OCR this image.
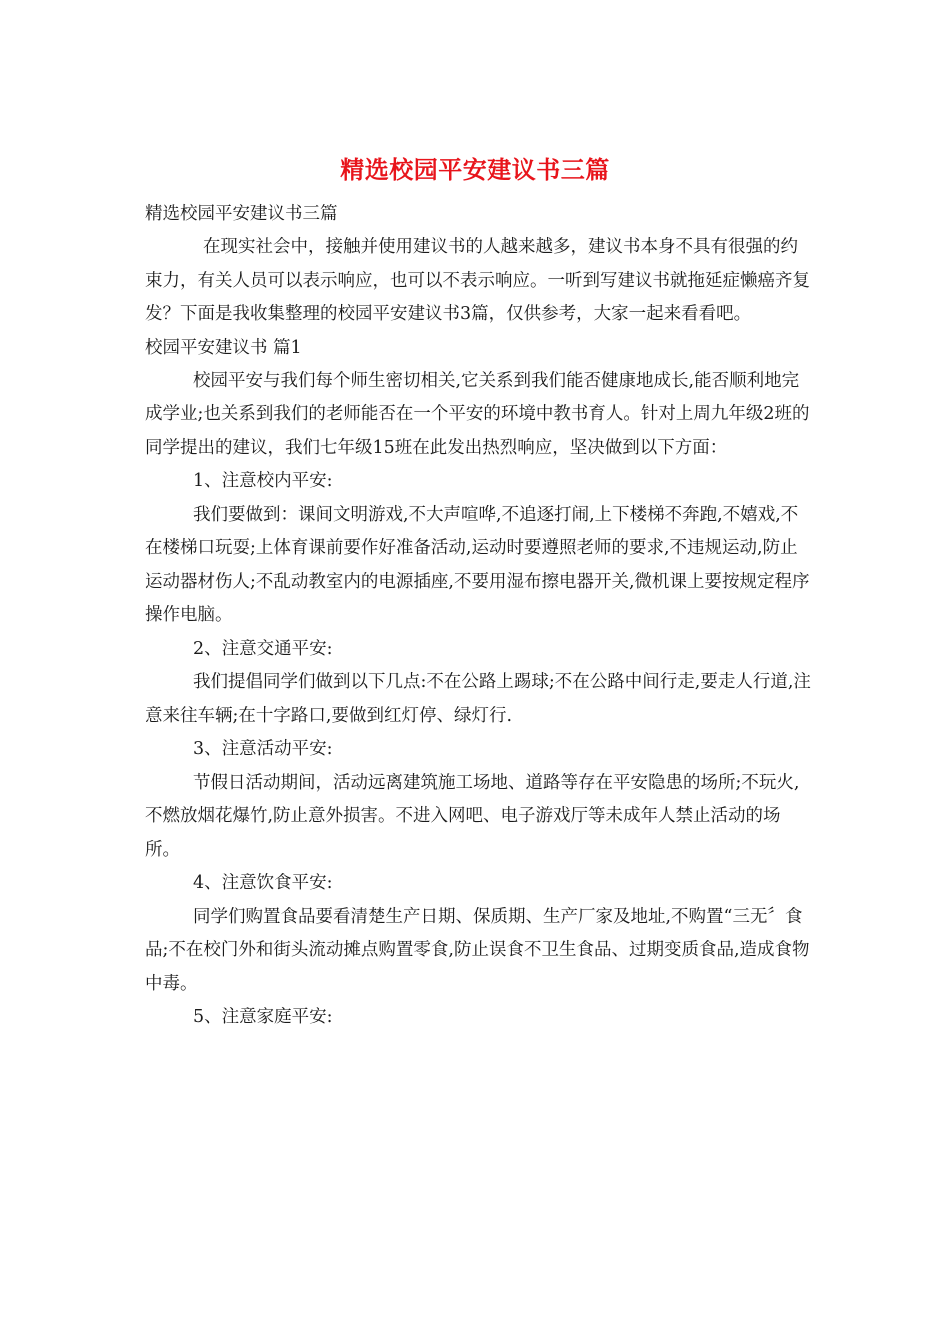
精选校园平安建议书三篇

精选校园平安建议书三篇

在现实社会中，接触并使用建议书的人越来越多，建议书本身不具有很强的约束力，有关人员可以表示响应，也可以不表示响应。一听到写建议书就拖延症懒癌齐复发？下面是我收集整理的校园平安建议书3篇，仅供参考，大家一起来看看吧。

校园平安建议书 篇1

校园平安与我们每个师生密切相关,它关系到我们能否健康地成长,能否顺利地完成学业;也关系到我们的老师能否在一个平安的环境中教书育人。针对上周九年级2班的同学提出的建议，我们七年级15班在此发出热烈响应，坚决做到以下方面：

1、注意校内平安:

我们要做到：课间文明游戏,不大声喧哗,不追逐打闹,上下楼梯不奔跑,不嬉戏,不在楼梯口玩耍;上体育课前要作好准备活动,运动时要遵照老师的要求,不违规运动,防止运动器材伤人;不乱动教室内的电源插座,不要用湿布擦电器开关,微机课上要按规定程序操作电脑。

2、注意交通平安:

我们提倡同学们做到以下几点:不在公路上踢球;不在公路中间行走,要走人行道,注意来往车辆;在十字路口,要做到红灯停、绿灯行.

3、注意活动平安:

节假日活动期间，活动远离建筑施工场地、道路等存在平安隐患的场所;不玩火,不燃放烟花爆竹,防止意外损害。不进入网吧、电子游戏厅等未成年人禁止活动的场所。

4、注意饮食平安:

同学们购置食品要看清楚生产日期、保质期、生产厂家及地址,不购置“三无〞食品;不在校门外和街头流动摊点购置零食,防止误食不卫生食品、过期变质食品,造成食物中毒。

5、注意家庭平安:
